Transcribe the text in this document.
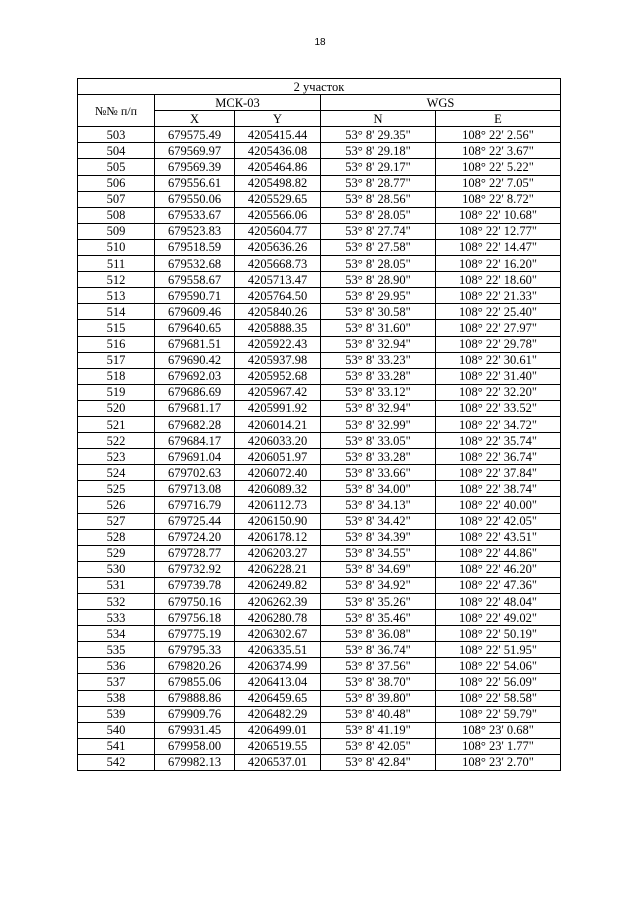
18
2 участок				
№№ п/п	МСК-03		WGS	
	X	Y	N	E
503	679575.49	4205415.44	53° 8' 29.35"	108° 22' 2.56"
504	679569.97	4205436.08	53° 8' 29.18"	108° 22' 3.67"
505	679569.39	4205464.86	53° 8' 29.17"	108° 22' 5.22"
506	679556.61	4205498.82	53° 8' 28.77"	108° 22' 7.05"
507	679550.06	4205529.65	53° 8' 28.56"	108° 22' 8.72"
508	679533.67	4205566.06	53° 8' 28.05"	108° 22' 10.68"
509	679523.83	4205604.77	53° 8' 27.74"	108° 22' 12.77"
510	679518.59	4205636.26	53° 8' 27.58"	108° 22' 14.47"
511	679532.68	4205668.73	53° 8' 28.05"	108° 22' 16.20"
512	679558.67	4205713.47	53° 8' 28.90"	108° 22' 18.60"
513	679590.71	4205764.50	53° 8' 29.95"	108° 22' 21.33"
514	679609.46	4205840.26	53° 8' 30.58"	108° 22' 25.40"
515	679640.65	4205888.35	53° 8' 31.60"	108° 22' 27.97"
516	679681.51	4205922.43	53° 8' 32.94"	108° 22' 29.78"
517	679690.42	4205937.98	53° 8' 33.23"	108° 22' 30.61"
518	679692.03	4205952.68	53° 8' 33.28"	108° 22' 31.40"
519	679686.69	4205967.42	53° 8' 33.12"	108° 22' 32.20"
520	679681.17	4205991.92	53° 8' 32.94"	108° 22' 33.52"
521	679682.28	4206014.21	53° 8' 32.99"	108° 22' 34.72"
522	679684.17	4206033.20	53° 8' 33.05"	108° 22' 35.74"
523	679691.04	4206051.97	53° 8' 33.28"	108° 22' 36.74"
524	679702.63	4206072.40	53° 8' 33.66"	108° 22' 37.84"
525	679713.08	4206089.32	53° 8' 34.00"	108° 22' 38.74"
526	679716.79	4206112.73	53° 8' 34.13"	108° 22' 40.00"
527	679725.44	4206150.90	53° 8' 34.42"	108° 22' 42.05"
528	679724.20	4206178.12	53° 8' 34.39"	108° 22' 43.51"
529	679728.77	4206203.27	53° 8' 34.55"	108° 22' 44.86"
530	679732.92	4206228.21	53° 8' 34.69"	108° 22' 46.20"
531	679739.78	4206249.82	53° 8' 34.92"	108° 22' 47.36"
532	679750.16	4206262.39	53° 8' 35.26"	108° 22' 48.04"
533	679756.18	4206280.78	53° 8' 35.46"	108° 22' 49.02"
534	679775.19	4206302.67	53° 8' 36.08"	108° 22' 50.19"
535	679795.33	4206335.51	53° 8' 36.74"	108° 22' 51.95"
536	679820.26	4206374.99	53° 8' 37.56"	108° 22' 54.06"
537	679855.06	4206413.04	53° 8' 38.70"	108° 22' 56.09"
538	679888.86	4206459.65	53° 8' 39.80"	108° 22' 58.58"
539	679909.76	4206482.29	53° 8' 40.48"	108° 22' 59.79"
540	679931.45	4206499.01	53° 8' 41.19"	108° 23' 0.68"
541	679958.00	4206519.55	53° 8' 42.05"	108° 23' 1.77"
542	679982.13	4206537.01	53° 8' 42.84"	108° 23' 2.70"
